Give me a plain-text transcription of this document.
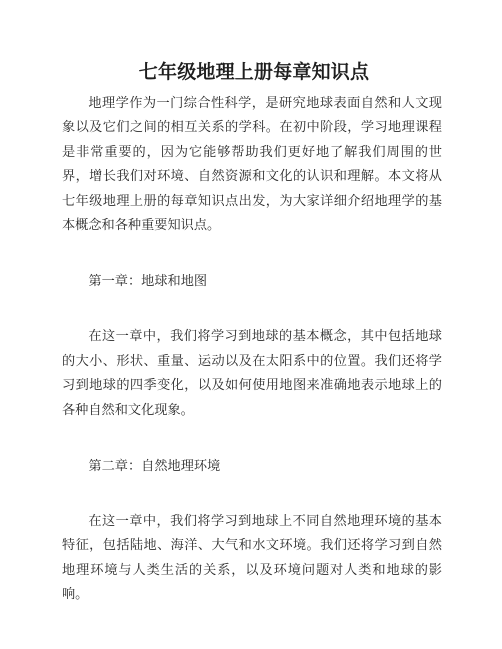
七年级地理上册每章知识点

地理学作为一门综合性科学，是研究地球表面自然和人文现象以及它们之间的相互关系的学科。在初中阶段，学习地理课程是非常重要的，因为它能够帮助我们更好地了解我们周围的世界，增长我们对环境、自然资源和文化的认识和理解。本文将从七年级地理上册的每章知识点出发，为大家详细介绍地理学的基本概念和各种重要知识点。

第一章：地球和地图

在这一章中，我们将学习到地球的基本概念，其中包括地球的大小、形状、重量、运动以及在太阳系中的位置。我们还将学习到地球的四季变化，以及如何使用地图来准确地表示地球上的各种自然和文化现象。

第二章：自然地理环境

在这一章中，我们将学习到地球上不同自然地理环境的基本特征，包括陆地、海洋、大气和水文环境。我们还将学习到自然地理环境与人类生活的关系，以及环境问题对人类和地球的影响。
